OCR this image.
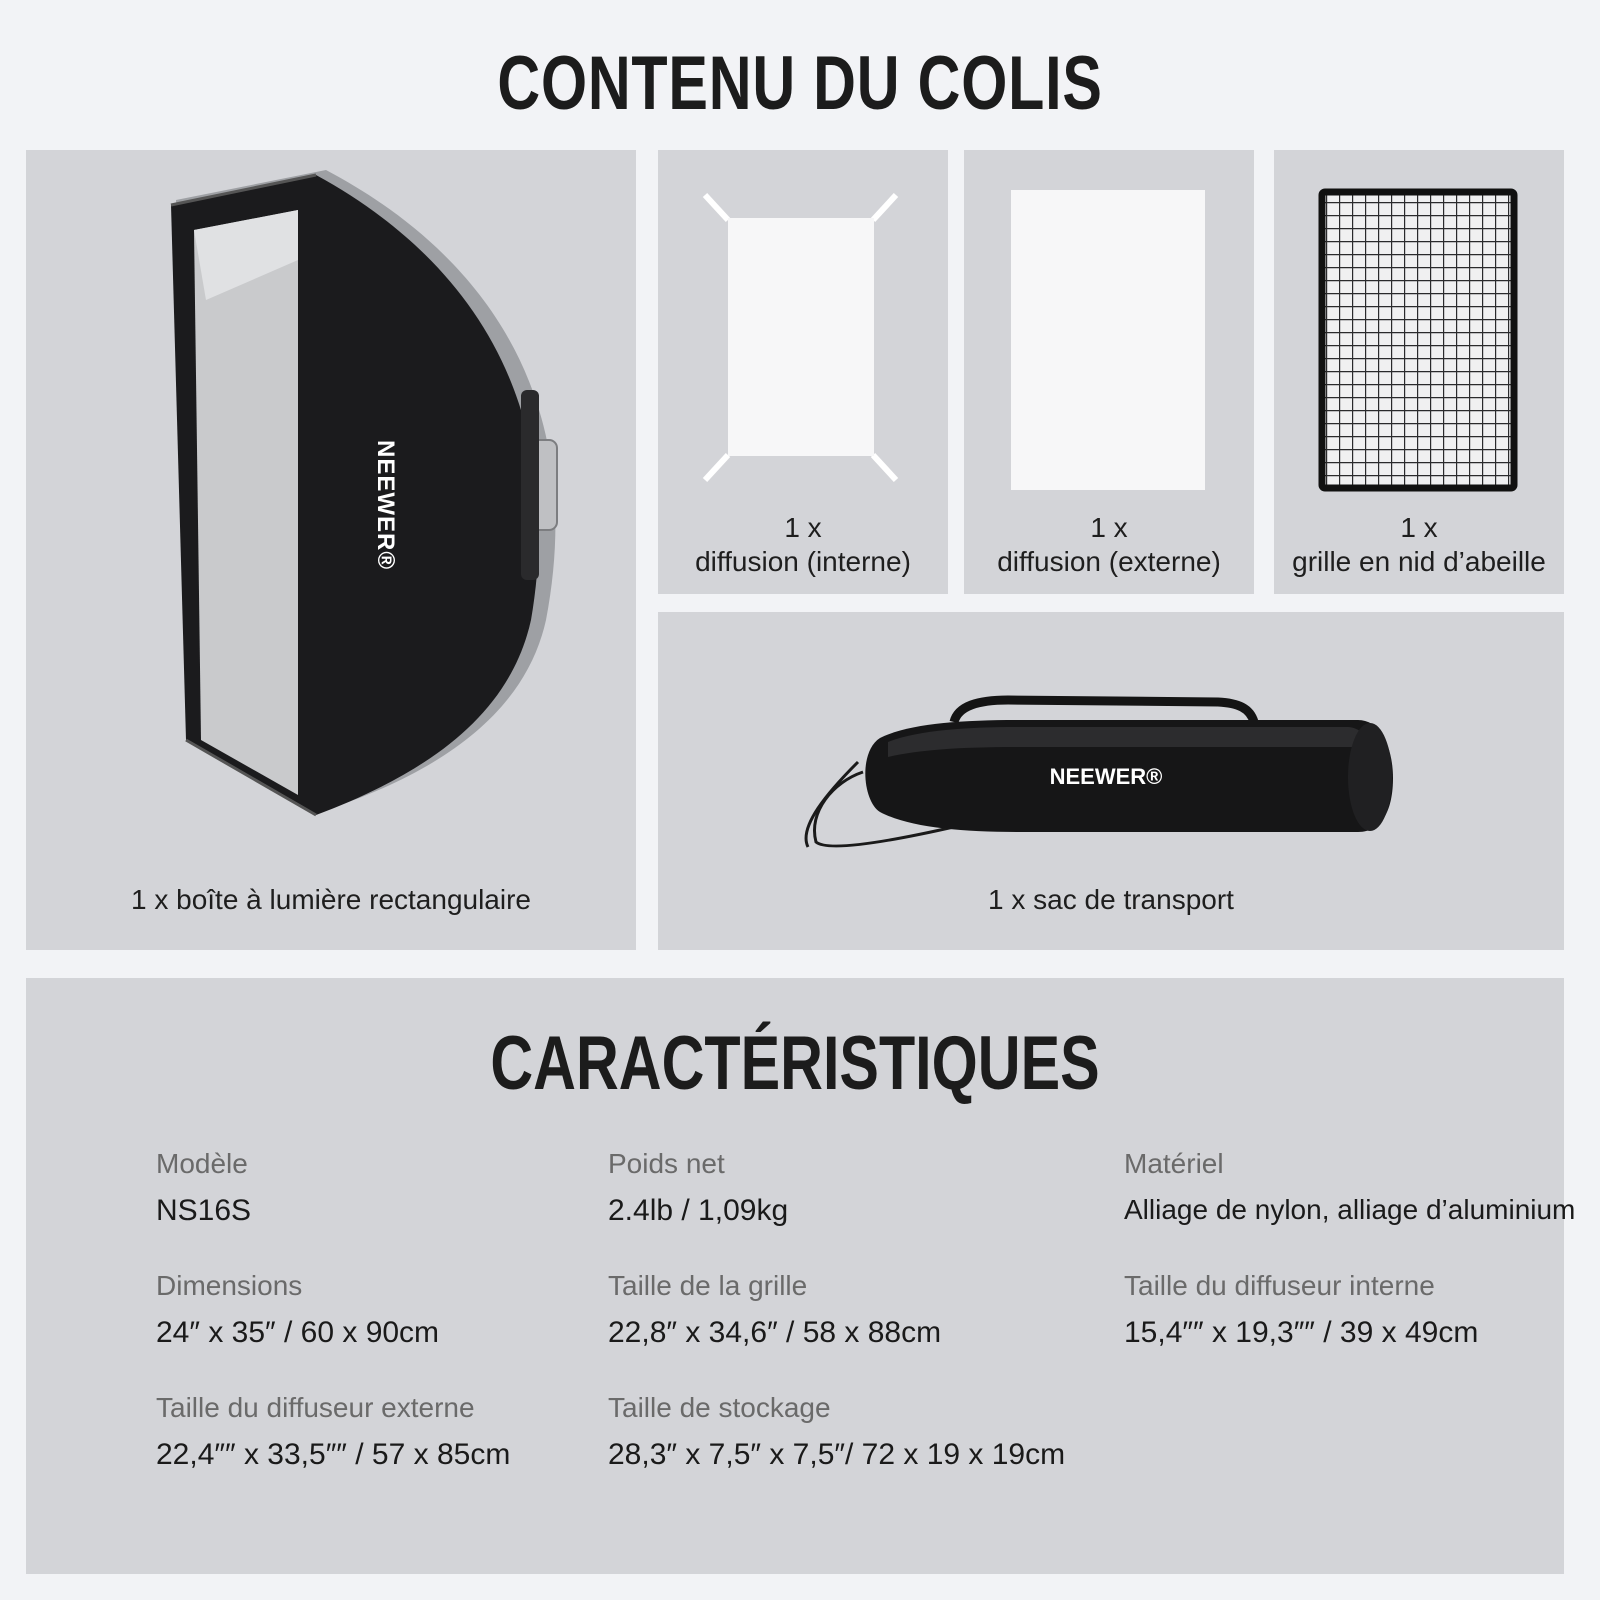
CONTENU DU COLIS
NEEWER®
1 x boîte à lumière rectangulaire
1 x
diffusion (interne)
1 x
diffusion (externe)
1 x
grille en nid d’abeille
NEEWER®
1 x sac de transport
CARACTÉRISTIQUES
Modèle
NS16S
Poids net
2.4lb / 1,09kg
Matériel
Alliage de nylon, alliage d’aluminium
Dimensions
24″ x 35″ / 60 x 90cm
Taille de la grille
22,8″ x 34,6″ / 58 x 88cm
Taille du diffuseur interne
15,4″″ x 19,3″″ / 39 x 49cm
Taille du diffuseur externe
22,4″″ x 33,5″″ / 57 x 85cm
Taille de stockage
28,3″ x 7,5″ x 7,5″/ 72 x 19 x 19cm
